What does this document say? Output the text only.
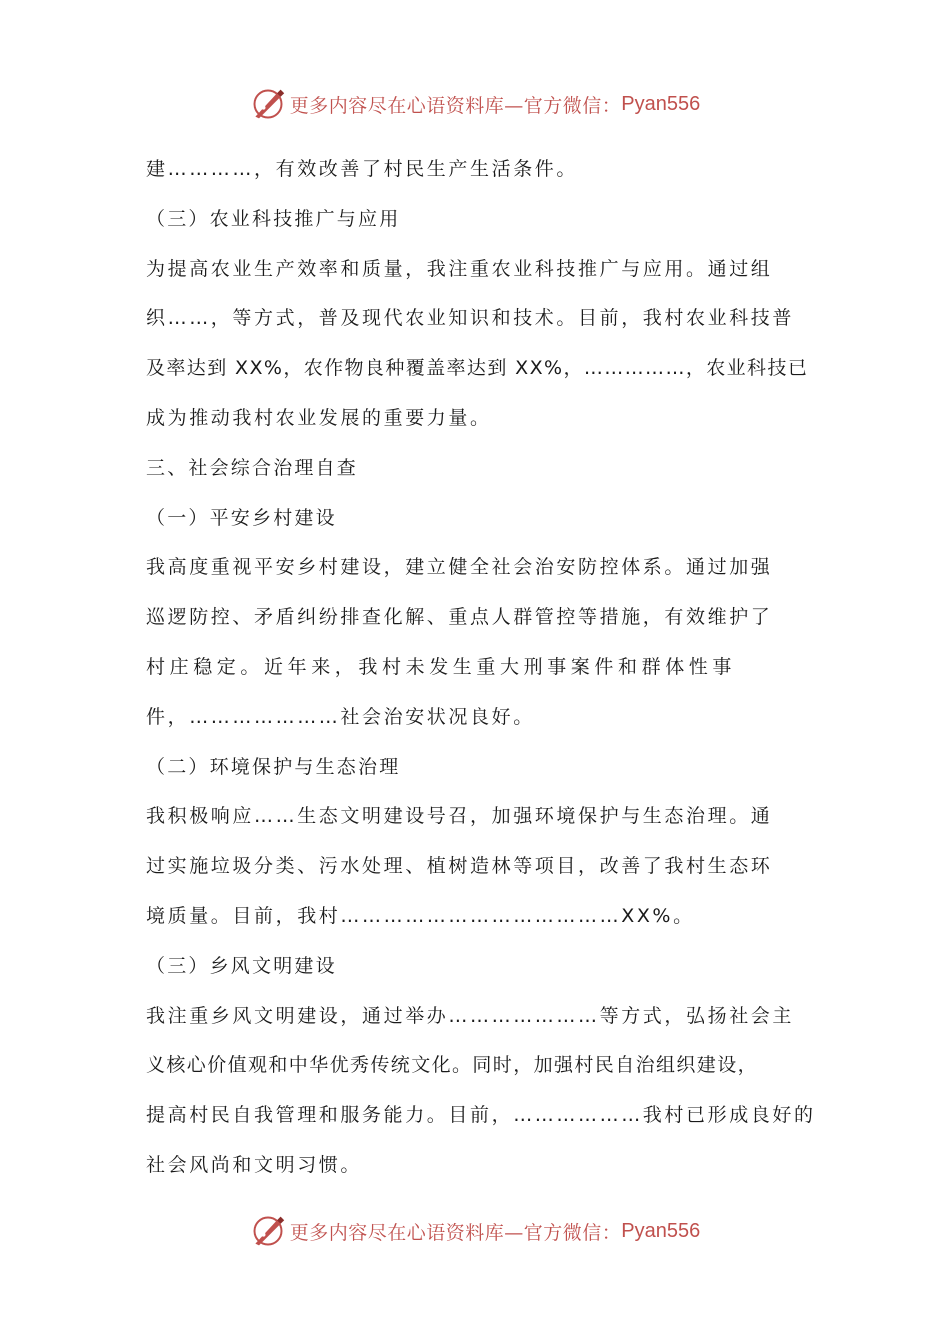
更多内容尽在心语资料库—官方微信： Pyan556
建…………，有效改善了村民生产生活条件。
（三）农业科技推广与应用
为提高农业生产效率和质量，我注重农业科技推广与应用。通过组
织……，等方式，普及现代农业知识和技术。目前，我村农业科技普
及率达到 XX%，农作物良种覆盖率达到 XX%，……………，农业科技已
成为推动我村农业发展的重要力量。
三、社会综合治理自查
（一）平安乡村建设
我高度重视平安乡村建设，建立健全社会治安防控体系。通过加强
巡逻防控、矛盾纠纷排查化解、重点人群管控等措施，有效维护了
村庄稳定。近年来，我村未发生重大刑事案件和群体性事
件，…………………社会治安状况良好。
（二）环境保护与生态治理
我积极响应……生态文明建设号召，加强环境保护与生态治理。通
过实施垃圾分类、污水处理、植树造林等项目，改善了我村生态环
境质量。目前，我村…………………………………XX%。
（三）乡风文明建设
我注重乡风文明建设，通过举办…………………等方式，弘扬社会主
义核心价值观和中华优秀传统文化。同时，加强村民自治组织建设，
提高村民自我管理和服务能力。目前，………………我村已形成良好的
社会风尚和文明习惯。
更多内容尽在心语资料库—官方微信： Pyan556
